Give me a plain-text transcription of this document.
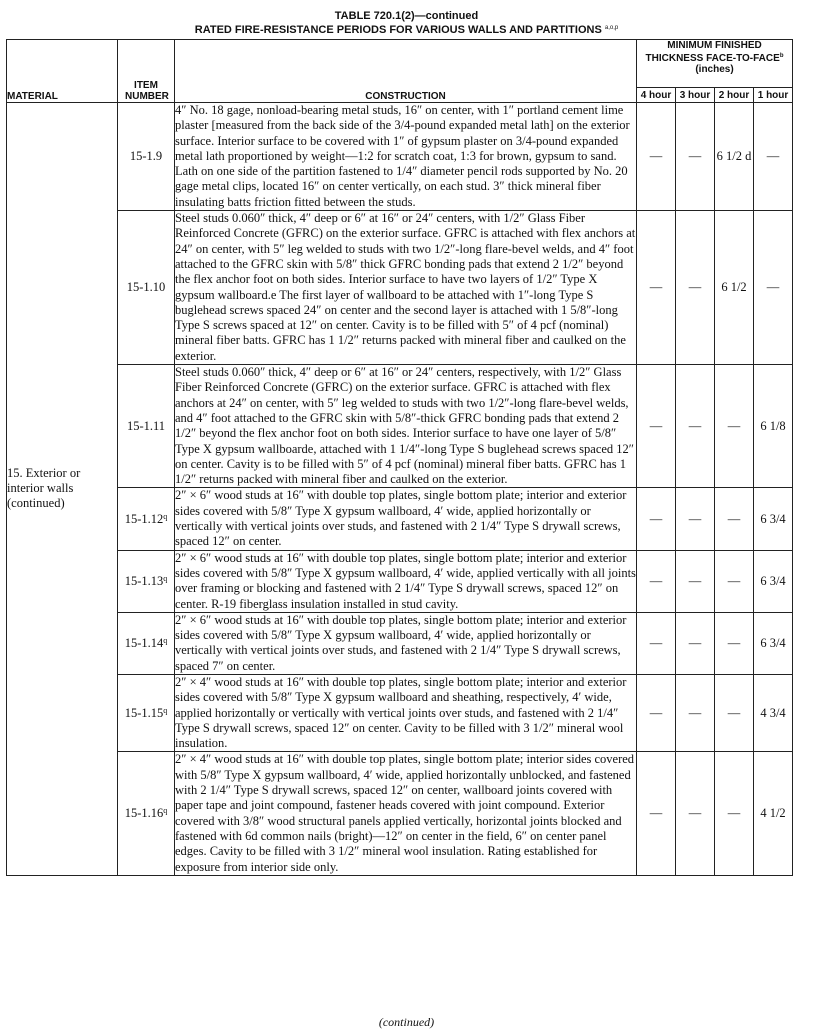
TABLE 720.1(2)—continued
RATED FIRE-RESISTANCE PERIODS FOR VARIOUS WALLS AND PARTITIONS $^{a,o,p}$
MATERIAL	ITEM NUMBER	CONSTRUCTION	MINIMUM FINISHED THICKNESS FACE-TO-FACE$^b$
(inches)			

			4 hour	3 hour	2 hour	1 hour
15. Exterior or interior walls (continued)	15-1.9	4″ No. 18 gage, nonload-bearing metal studs, 16″ on center, with 1″ portland cement lime plaster [measured from the back side of the 3/4-pound expanded metal lath] on the exterior surface. Interior surface to be covered with 1″ of gypsum plaster on 3/4-pound expanded metal lath proportioned by weight—1:2 for scratch coat, 1:3 for brown, gypsum to sand. Lath on one side of the partition fastened to 1/4″ diameter pencil rods supported by No. 20 gage metal clips, located 16″ on center vertically, on each stud. 3″ thick mineral fiber insulating batts friction fitted between the studs.	—	—	6 1/2 d	—
	15-1.10	Steel studs 0.060″ thick, 4″ deep or 6″ at 16″ or 24″ centers, with 1/2″ Glass Fiber Reinforced Concrete (GFRC) on the exterior surface. GFRC is attached with flex anchors at 24″ on center, with 5″ leg welded to studs with two 1/2″-long flare-bevel welds, and 4″ foot attached to the GFRC skin with 5/8″ thick GFRC bonding pads that extend 2 1/2″ beyond the flex anchor foot on both sides. Interior surface to have two layers of 1/2″ Type X gypsum wallboard.e The first layer of wallboard to be attached with 1″-long Type S buglehead screws spaced 24″ on center and the second layer is attached with 1 5/8″-long Type S screws spaced at 12″ on center. Cavity is to be filled with 5″ of 4 pcf (nominal) mineral fiber batts. GFRC has 1 1/2″ returns packed with mineral fiber and caulked on the exterior.	—	—	6 1/2	—
	15-1.11	Steel studs 0.060″ thick, 4″ deep or 6″ at 16″ or 24″ centers, respectively, with 1/2″ Glass Fiber Reinforced Concrete (GFRC) on the exterior surface. GFRC is attached with flex anchors at 24″ on center, with 5″ leg welded to studs with two 1/2″-long flare-bevel welds, and 4″ foot attached to the GFRC skin with 5/8″-thick GFRC bonding pads that extend 2 1/2″ beyond the flex anchor foot on both sides. Interior surface to have one layer of 5/8″ Type X gypsum wallboarde, attached with 1 1/4″-long Type S buglehead screws spaced 12″ on center. Cavity is to be filled with 5″ of 4 pcf (nominal) mineral fiber batts. GFRC has 1 1/2″ returns packed with mineral fiber and caulked on the exterior.	—	—	—	6 1/8
	15-1.12$^q$	2″ × 6″ wood studs at 16″ with double top plates, single bottom plate; interior and exterior sides covered with 5/8″ Type X gypsum wallboard, 4′ wide, applied horizontally or vertically with vertical joints over studs, and fastened with 2 1/4″ Type S drywall screws, spaced 12″ on center.	—	—	—	6 3/4
	15-1.13$^q$	2″ × 6″ wood studs at 16″ with double top plates, single bottom plate; interior and exterior sides covered with 5/8″ Type X gypsum wallboard, 4′ wide, applied vertically with all joints over framing or blocking and fastened with 2 1/4″ Type S drywall screws, spaced 12″ on center. R-19 fiberglass insulation installed in stud cavity.	—	—	—	6 3/4
	15-1.14$^q$	2″ × 6″ wood studs at 16″ with double top plates, single bottom plate; interior and exterior sides covered with 5/8″ Type X gypsum wallboard, 4′ wide, applied horizontally or vertically with vertical joints over studs, and fastened with 2 1/4″ Type S drywall screws, spaced 7″ on center.	—	—	—	6 3/4
	15-1.15$^q$	2″ × 4″ wood studs at 16″ with double top plates, single bottom plate; interior and exterior sides covered with 5/8″ Type X gypsum wallboard and sheathing, respectively, 4′ wide, applied horizontally or vertically with vertical joints over studs, and fastened with 2 1/4″ Type S drywall screws, spaced 12″ on center. Cavity to be filled with 3 1/2″ mineral wool insulation.	—	—	—	4 3/4
	15-1.16$^q$	2″ × 4″ wood studs at 16″ with double top plates, single bottom plate; interior sides covered with 5/8″ Type X gypsum wallboard, 4′ wide, applied horizontally unblocked, and fastened with 2 1/4″ Type S drywall screws, spaced 12″ on center, wallboard joints covered with paper tape and joint compound, fastener heads covered with joint compound. Exterior covered with 3/8″ wood structural panels applied vertically, horizontal joints blocked and fastened with 6d common nails (bright)—12″ on center in the field, 6″ on center panel edges. Cavity to be filled with 3 1/2″ mineral wool insulation. Rating established for exposure from interior side only.	—	—	—	4 1/2
(continued)
